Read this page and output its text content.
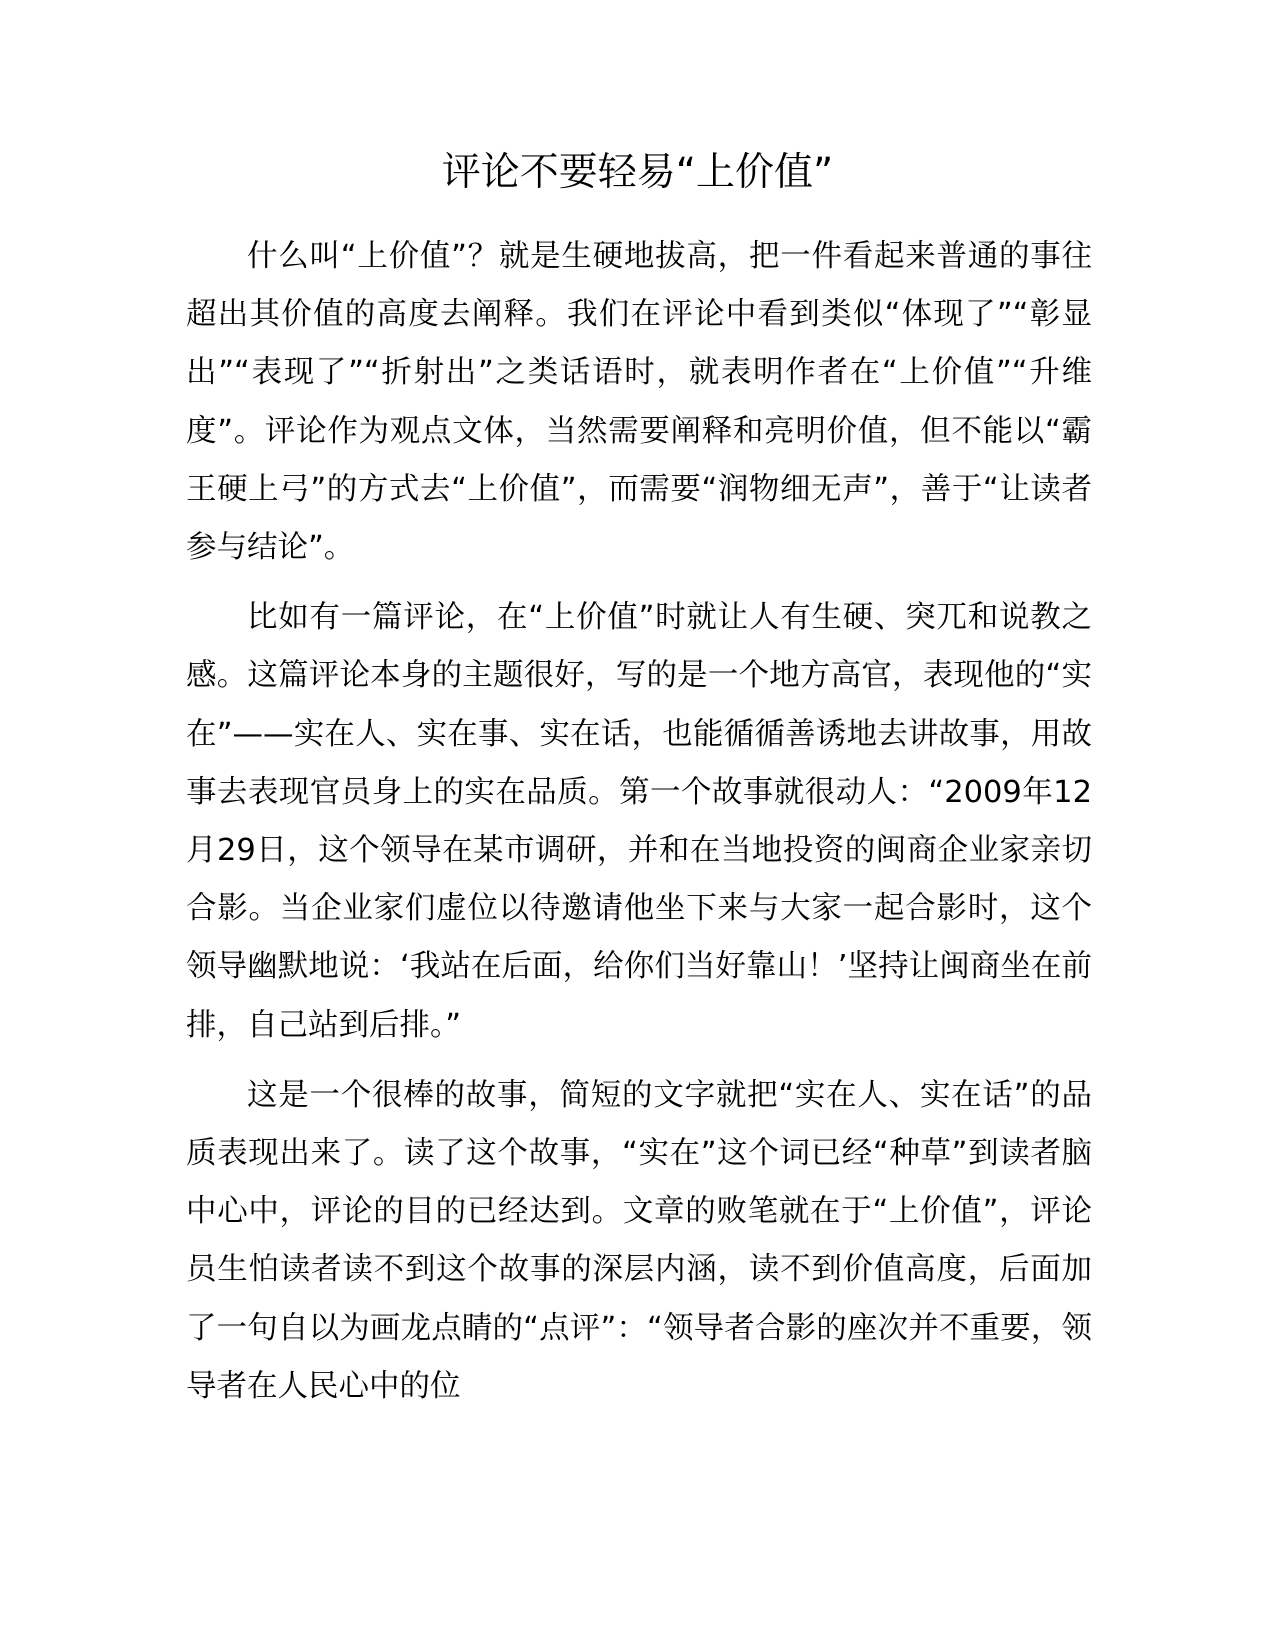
评论不要轻易“上价值”

什么叫“上价值”？就是生硬地拔高，把一件看起来普通的事往超出其价值的高度去阐释。我们在评论中看到类似“体现了”“彰显出”“表现了”“折射出”之类话语时，就表明作者在“上价值”“升维度”。评论作为观点文体，当然需要阐释和亮明价值，但不能以“霸王硬上弓”的方式去“上价值”，而需要“润物细无声”，善于“让读者参与结论”。

比如有一篇评论，在“上价值”时就让人有生硬、突兀和说教之感。这篇评论本身的主题很好，写的是一个地方高官，表现他的“实在”——实在人、实在事、实在话，也能循循善诱地去讲故事，用故事去表现官员身上的实在品质。第一个故事就很动人：“2009年12月29日，这个领导在某市调研，并和在当地投资的闽商企业家亲切合影。当企业家们虚位以待邀请他坐下来与大家一起合影时，这个领导幽默地说：‘我站在后面，给你们当好靠山！’坚持让闽商坐在前排，自己站到后排。”

这是一个很棒的故事，简短的文字就把“实在人、实在话”的品质表现出来了。读了这个故事，“实在”这个词已经“种草”到读者脑中心中，评论的目的已经达到。文章的败笔就在于“上价值”，评论员生怕读者读不到这个故事的深层内涵，读不到价值高度，后面加了一句自以为画龙点睛的“点评”：“领导者合影的座次并不重要，领导者在人民心中的位
